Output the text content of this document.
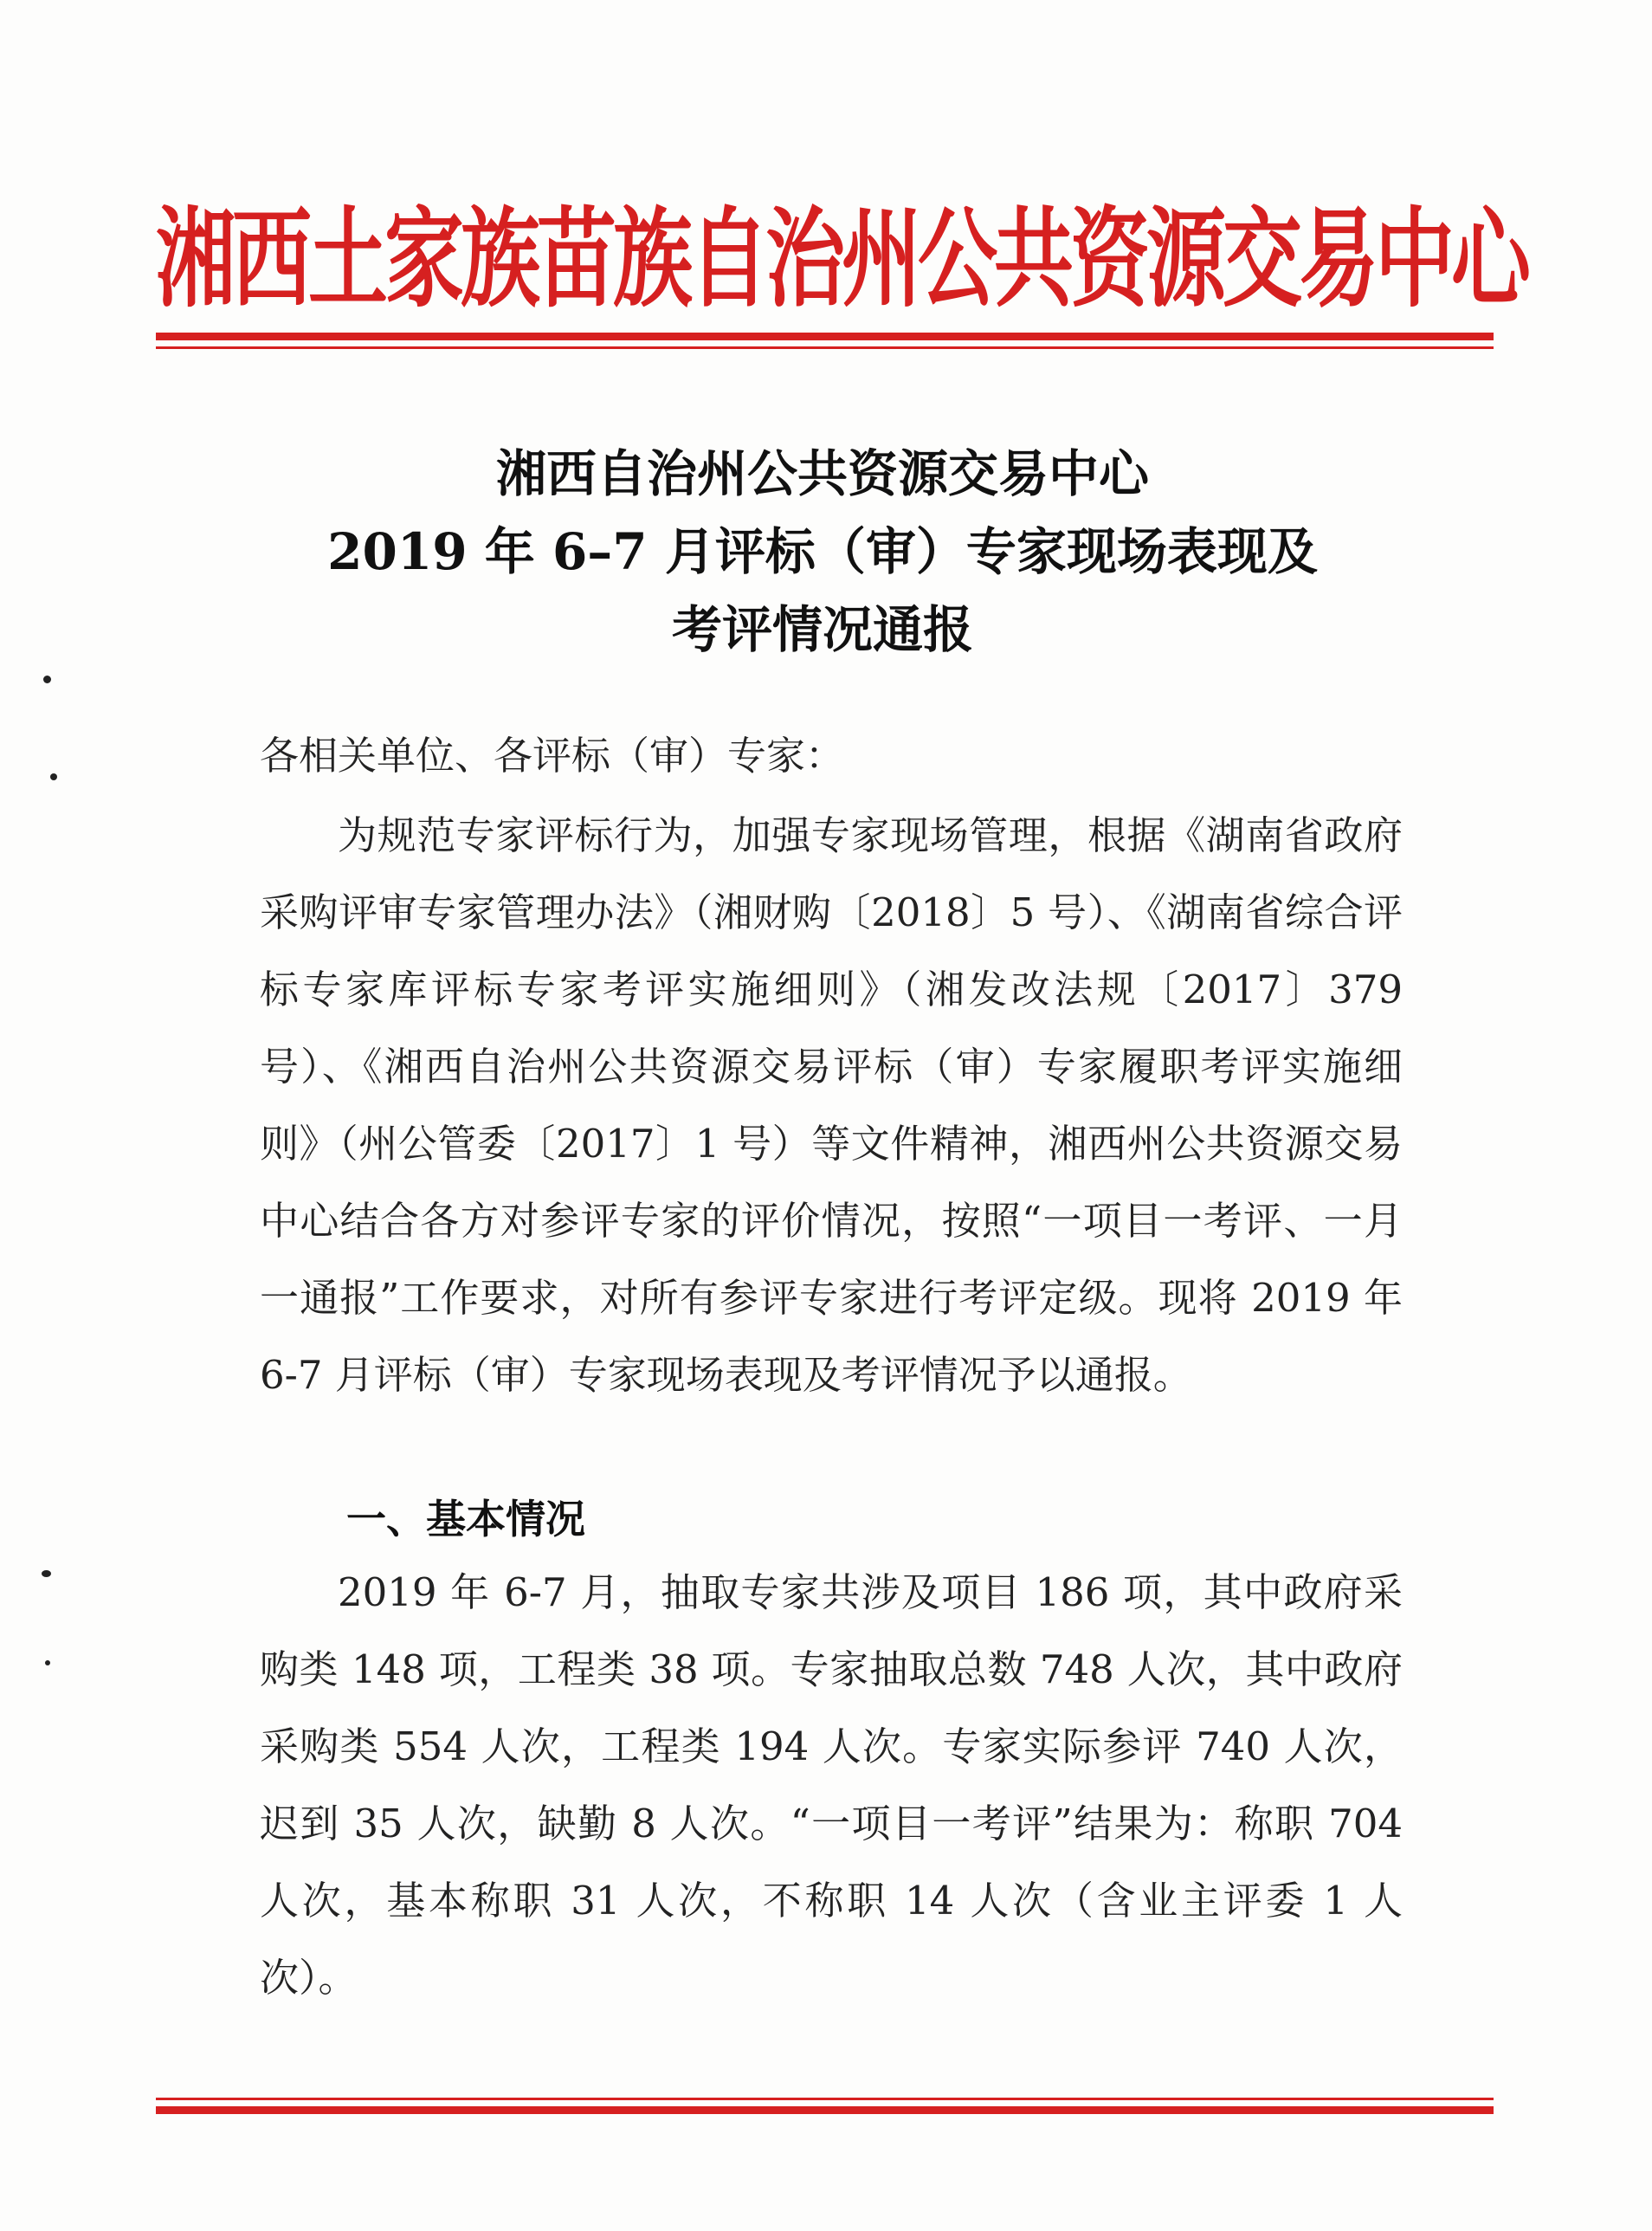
湘西土家族苗族自治州公共资源交易中心
湘西自治州公共资源交易中心
2019 年 6–7 月评标（审）专家现场表现及
考评情况通报
各相关单位、各评标（审）专家：

为规范专家评标行为，加强专家现场管理，根据《湖南省政府采购评审专家管理办法》（湘财购〔2018〕5 号）、《湖南省综合评标专家库评标专家考评实施细则》（湘发改法规〔2017〕379 号）、《湘西自治州公共资源交易评标（审）专家履职考评实施细则》（州公管委〔2017〕1 号）等文件精神，湘西州公共资源交易中心结合各方对参评专家的评价情况，按照“一项目一考评、一月一通报”工作要求，对所有参评专家进行考评定级。现将 2019 年 6-7 月评标（审）专家现场表现及考评情况予以通报。

一、基本情况

2019 年 6-7 月，抽取专家共涉及项目 186 项，其中政府采购类 148 项，工程类 38 项。专家抽取总数 748 人次，其中政府采购类 554 人次，工程类 194 人次。专家实际参评 740 人次，迟到 35 人次，缺勤 8 人次。“一项目一考评”结果为：称职 704 人次，基本称职 31 人次，不称职 14 人次（含业主评委 1 人次）。
